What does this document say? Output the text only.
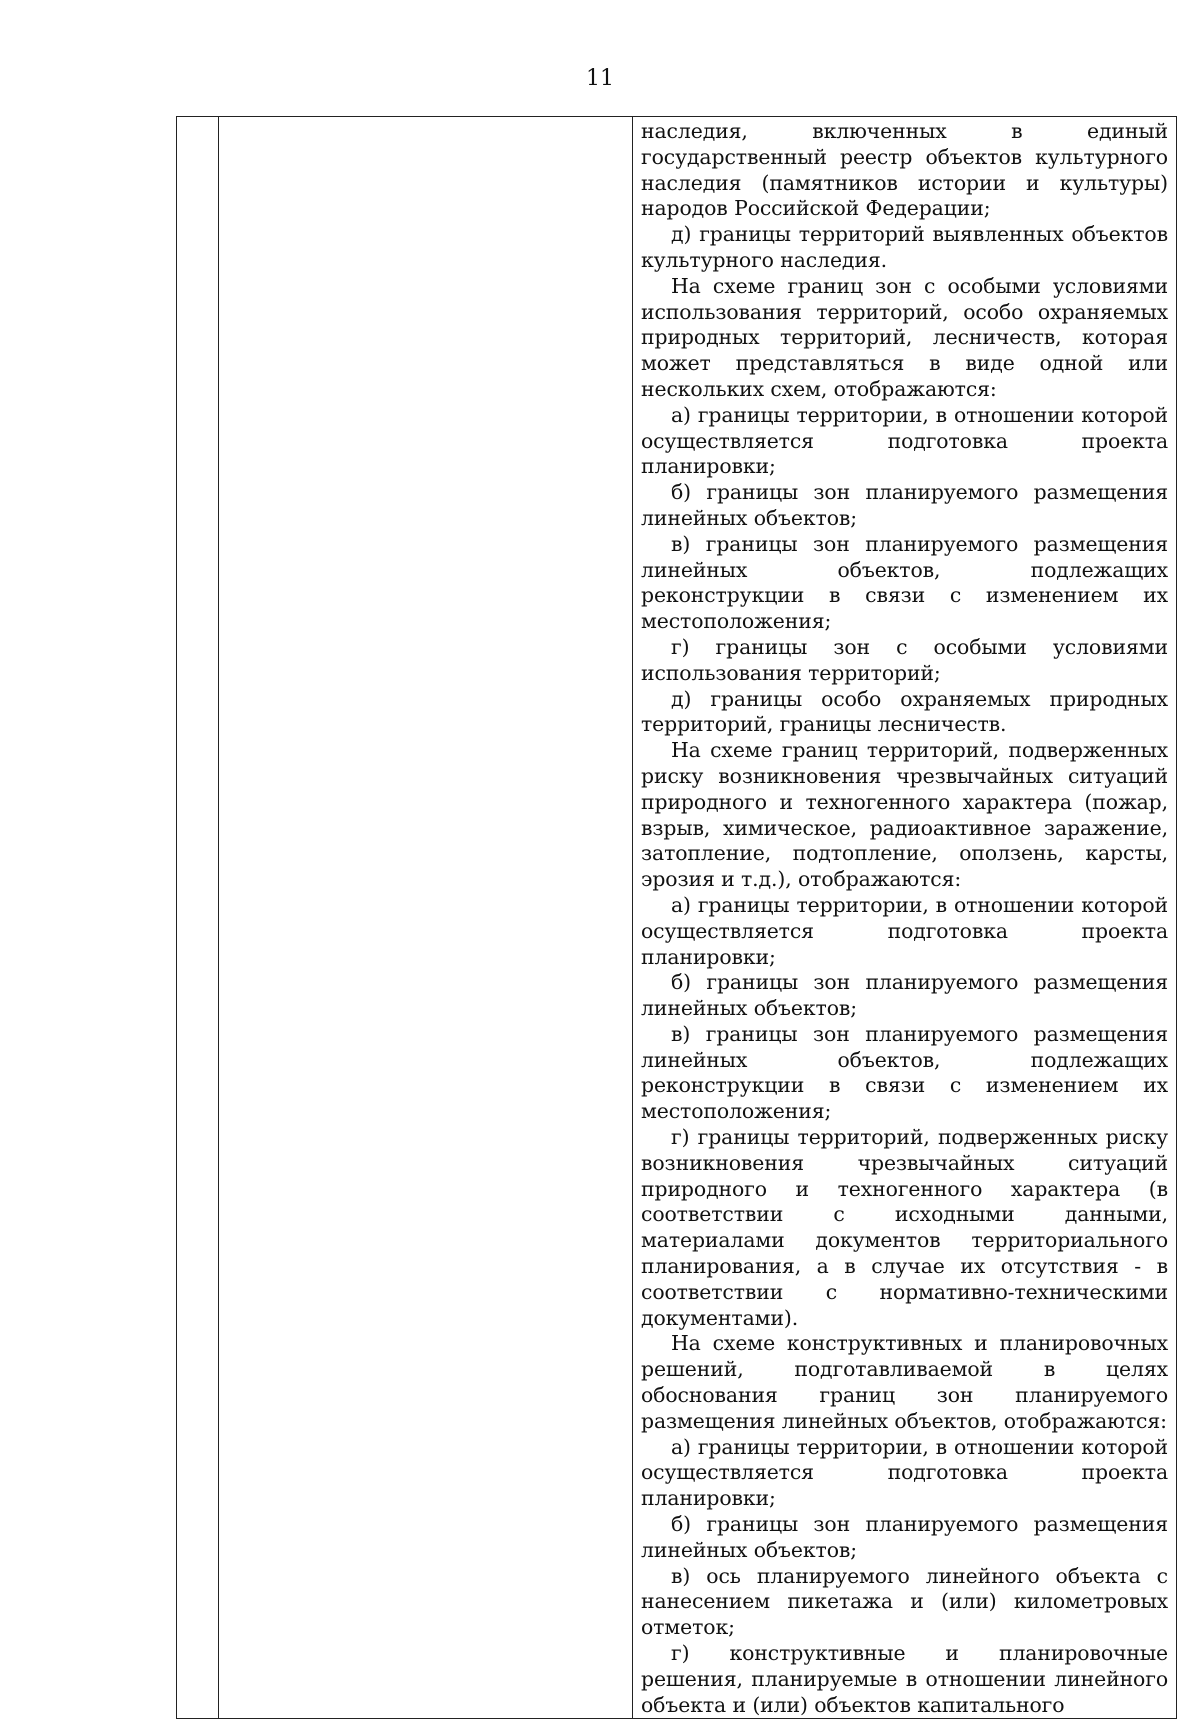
11

наследия, включенных в единый государственный реестр объектов культурного наследия (памятников истории и культуры) народов Российской Федерации;

д) границы территорий выявленных объектов культурного наследия.

На схеме границ зон с особыми условиями использования территорий, особо охраняемых природных территорий, лесничеств, которая может представляться в виде одной или нескольких схем, отображаются:

а) границы территории, в отношении которой осуществляется подготовка проекта планировки;

б) границы зон планируемого размещения линейных объектов;

в) границы зон планируемого размещения линейных объектов, подлежащих реконструкции в связи с изменением их местоположения;

г) границы зон с особыми условиями использования территорий;

д) границы особо охраняемых природных территорий, границы лесничеств.

На схеме границ территорий, подверженных риску возникновения чрезвычайных ситуаций природного и техногенного характера (пожар, взрыв, химическое, радиоактивное заражение, затопление, подтопление, оползень, карсты, эрозия и т.д.), отображаются:

а) границы территории, в отношении которой осуществляется подготовка проекта планировки;

б) границы зон планируемого размещения линейных объектов;

в) границы зон планируемого размещения линейных объектов, подлежащих реконструкции в связи с изменением их местоположения;

г) границы территорий, подверженных риску возникновения чрезвычайных ситуаций природного и техногенного характера (в соответствии с исходными данными, материалами документов территориального планирования, а в случае их отсутствия - в соответствии с нормативно-техническими документами).

На схеме конструктивных и планировочных решений, подготавливаемой в целях обоснования границ зон планируемого размещения линейных объектов, отображаются:

а) границы территории, в отношении которой осуществляется подготовка проекта планировки;

б) границы зон планируемого размещения линейных объектов;

в) ось планируемого линейного объекта с нанесением пикетажа и (или) километровых отметок;

г) конструктивные и планировочные решения, планируемые в отношении линейного объекта и (или) объектов капитального
